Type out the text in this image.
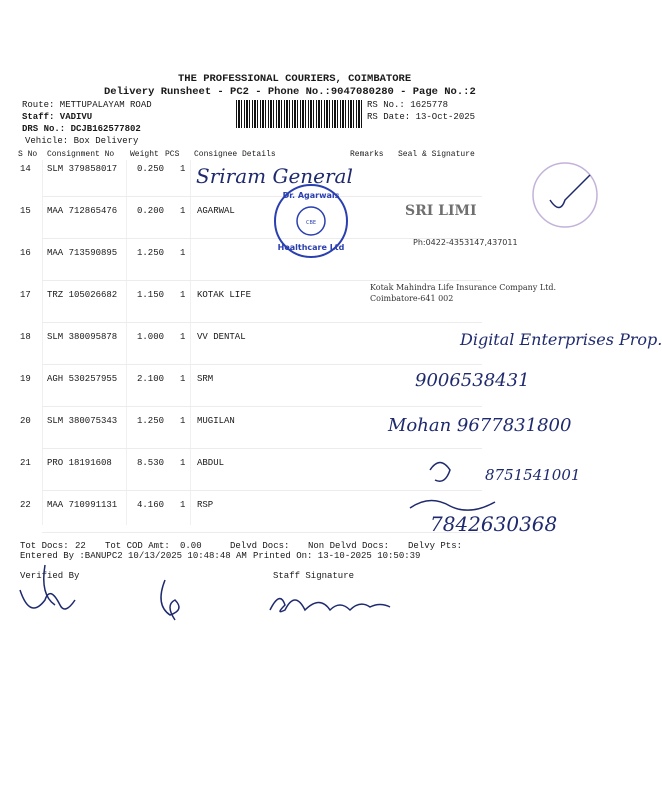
THE PROFESSIONAL COURIERS, COIMBATORE
Delivery Runsheet - PC2 - Phone No.:9047080280 - Page No.:2
Route: METTUPALAYAM ROAD
Staff: VADIVU
DRS No.: DCJB162577802
Vehicle: Box Delivery
RS No.: 1625778
RS Date: 13-Oct-2025
S No Consignment No Weight PCS Consignee Details	Remarks Seal & Signature
14 SLM 379858017 0.250 1
15 MAA 712865476 0.200 1 AGARWAL
16 MAA 713590895 1.250 1
17 TRZ 105026682 1.150 1 KOTAK LIFE
18 SLM 380095878 1.000 1 VV DENTAL
19 AGH 530257955 2.100 1 SRM
20 SLM 380075343 1.250 1 MUGILAN
21 PRO 18191608	8.530 1 ABDUL
22 MAA 710991131 4.160 1 RSP
Sriram General
9006538431
Mohan 9677831800
8751541001
7842630368
Dr. Agarwals
Healthcare Ltd
CBE
SRI LIMI
Ph:0422-4353147,437011
Kotak Mahindra Life Insurance Company Ltd. Coimbatore-641 002
Digital Enterprises Prop.
Tot Docs: 22 Tot COD Amt: 0.00	Delvd Docs: Non Delvd Docs: Delvy Pts:
Entered By :BANUPC2 10/13/2025 10:48:48 AM Printed On: 13-10-2025 10:50:39
Verified By	Staff Signature
